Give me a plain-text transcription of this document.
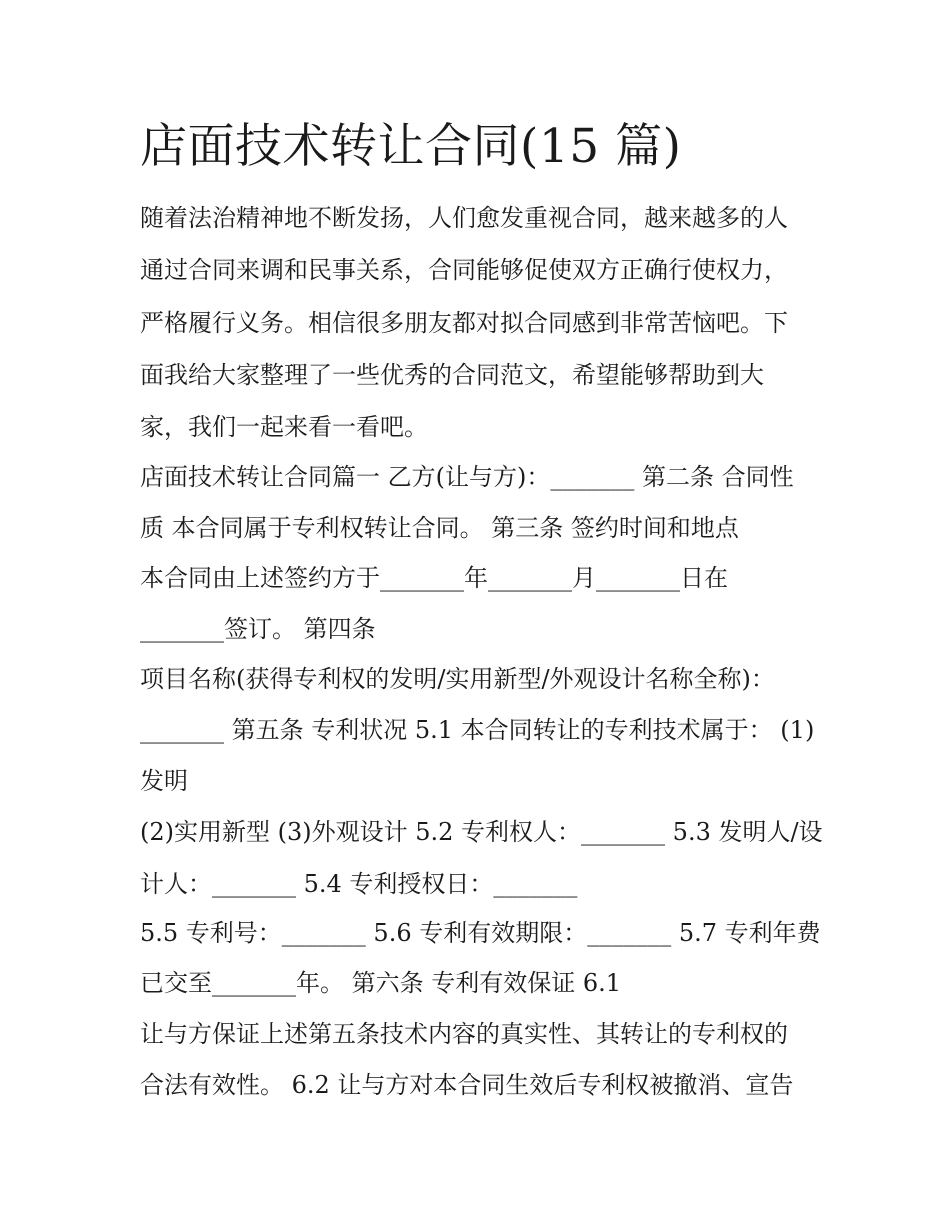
店面技术转让合同(15 篇)

随着法治精神地不断发扬，人们愈发重视合同，越来越多的人

通过合同来调和民事关系，合同能够促使双方正确行使权力，

严格履行义务。相信很多朋友都对拟合同感到非常苦恼吧。下

面我给大家整理了一些优秀的合同范文，希望能够帮助到大

家，我们一起来看一看吧。

店面技术转让合同篇一 乙方(让与方)：_______ 第二条 合同性

质 本合同属于专利权转让合同。 第三条 签约时间和地点

本合同由上述签约方于_______年_______月_______日在

_______签订。 第四条

项目名称(获得专利权的发明/实用新型/外观设计名称全称)：

_______ 第五条 专利状况 5.1 本合同转让的专利技术属于： (1)

发明

(2)实用新型 (3)外观设计 5.2 专利权人：_______ 5.3 发明人/设

计人：_______ 5.4 专利授权日：_______

5.5 专利号：_______ 5.6 专利有效期限：_______ 5.7 专利年费

已交至_______年。 第六条 专利有效保证 6.1

让与方保证上述第五条技术内容的真实性、其转让的专利权的

合法有效性。 6.2 让与方对本合同生效后专利权被撤消、宣告
